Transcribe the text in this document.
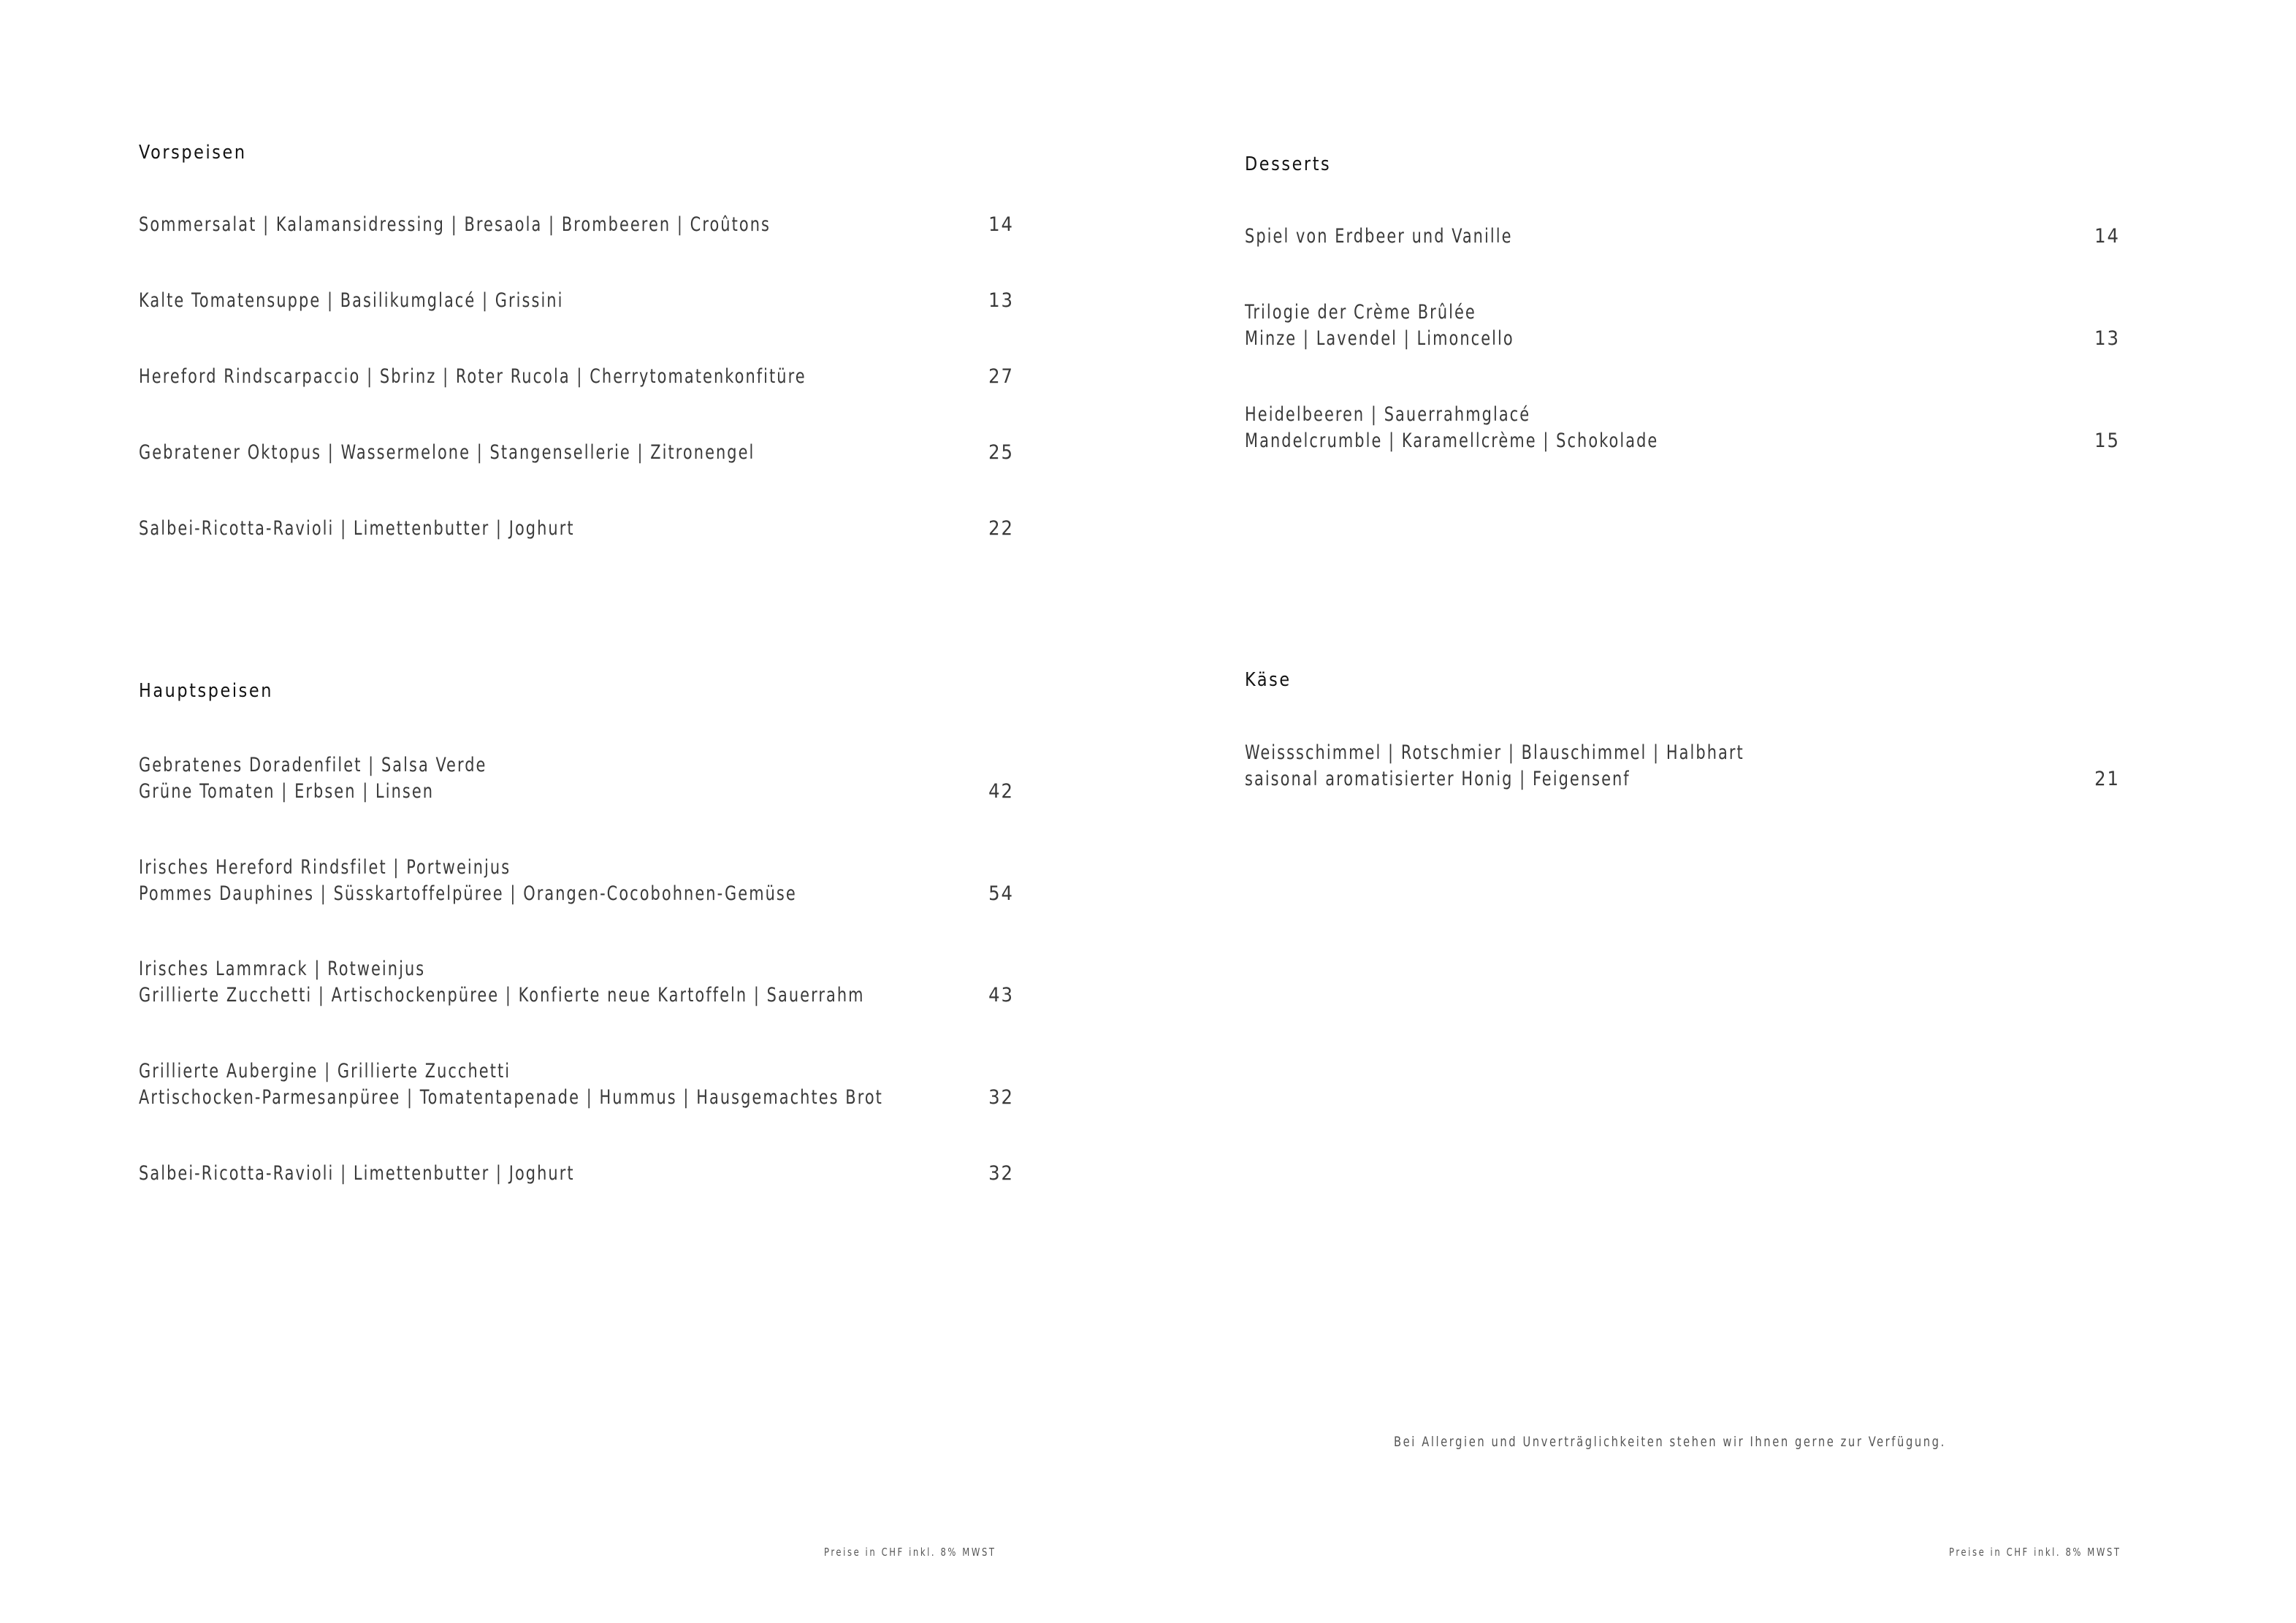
Vorspeisen
Sommersalat | Kalamansidressing | Bresaola | Brombeeren | Croûtons	14
Kalte Tomatensuppe | Basilikumglacé | Grissini	13
Hereford Rindscarpaccio | Sbrinz | Roter Rucola | Cherrytomatenkonfitüre	27
Gebratener Oktopus | Wassermelone | Stangensellerie | Zitronengel	25
Salbei-Ricotta-Ravioli | Limettenbutter | Joghurt	22
Hauptspeisen
Gebratenes Doradenfilet | Salsa Verde
Grüne Tomaten | Erbsen | Linsen	42
Irisches Hereford Rindsfilet | Portweinjus
Pommes Dauphines | Süsskartoffelpüree | Orangen-Cocobohnen-Gemüse	54
Irisches Lammrack | Rotweinjus
Grillierte Zucchetti | Artischockenpüree | Konfierte neue Kartoffeln | Sauerrahm	43
Grillierte Aubergine | Grillierte Zucchetti
Artischocken-Parmesanpüree | Tomatentapenade | Hummus | Hausgemachtes Brot	32
Salbei-Ricotta-Ravioli | Limettenbutter | Joghurt	32
Desserts
Spiel von Erdbeer und Vanille	14
Trilogie der Crème Brûlée
Minze | Lavendel | Limoncello	13
Heidelbeeren | Sauerrahmglacé
Mandelcrumble | Karamellcrème | Schokolade	15
Käse
Weissschimmel | Rotschmier | Blauschimmel | Halbhart
saisonal aromatisierter Honig | Feigensenf	21
Bei Allergien und Unverträglichkeiten stehen wir Ihnen gerne zur Verfügung.
Preise in CHF inkl. 8% MWST	Preise in CHF inkl. 8% MWST
